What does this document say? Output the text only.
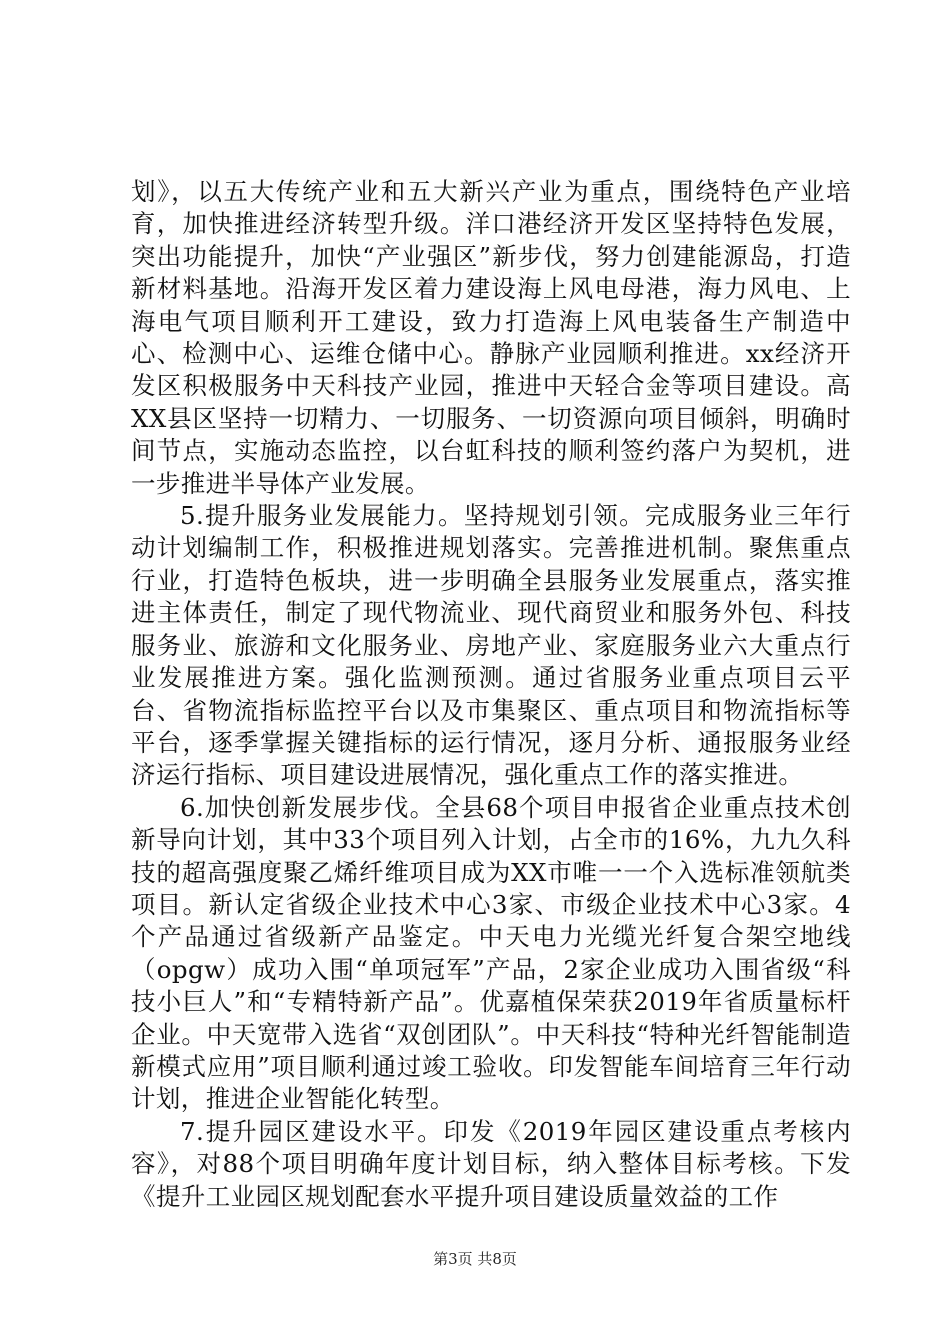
划》，以五大传统产业和五大新兴产业为重点，围绕特色产业培育，加快推进经济转型升级。洋口港经济开发区坚持特色发展，突出功能提升，加快“产业强区”新步伐，努力创建能源岛，打造新材料基地。沿海开发区着力建设海上风电母港，海力风电、上海电气项目顺利开工建设，致力打造海上风电装备生产制造中心、检测中心、运维仓储中心。静脉产业园顺利推进。xx经济开发区积极服务中天科技产业园，推进中天轻合金等项目建设。高XX县区坚持一切精力、一切服务、一切资源向项目倾斜，明确时间节点，实施动态监控，以台虹科技的顺利签约落户为契机，进一步推进半导体产业发展。

5.提升服务业发展能力。坚持规划引领。完成服务业三年行动计划编制工作，积极推进规划落实。完善推进机制。聚焦重点行业，打造特色板块，进一步明确全县服务业发展重点，落实推进主体责任，制定了现代物流业、现代商贸业和服务外包、科技服务业、旅游和文化服务业、房地产业、家庭服务业六大重点行业发展推进方案。强化监测预测。通过省服务业重点项目云平台、省物流指标监控平台以及市集聚区、重点项目和物流指标等平台，逐季掌握关键指标的运行情况，逐月分析、通报服务业经济运行指标、项目建设进展情况，强化重点工作的落实推进。

6.加快创新发展步伐。全县68个项目申报省企业重点技术创新导向计划，其中33个项目列入计划，占全市的16%，九九久科技的超高强度聚乙烯纤维项目成为XX市唯一一个入选标准领航类项目。新认定省级企业技术中心3家、市级企业技术中心3家。4个产品通过省级新产品鉴定。中天电力光缆光纤复合架空地线（opgw）成功入围“单项冠军”产品，2家企业成功入围省级“科技小巨人”和“专精特新产品”。优嘉植保荣获2019年省质量标杆企业。中天宽带入选省“双创团队”。中天科技“特种光纤智能制造新模式应用”项目顺利通过竣工验收。印发智能车间培育三年行动计划，推进企业智能化转型。

7.提升园区建设水平。印发《2019年园区建设重点考核内容》，对88个项目明确年度计划目标，纳入整体目标考核。下发《提升工业园区规划配套水平提升项目建设质量效益的工作

第3页 共8页
